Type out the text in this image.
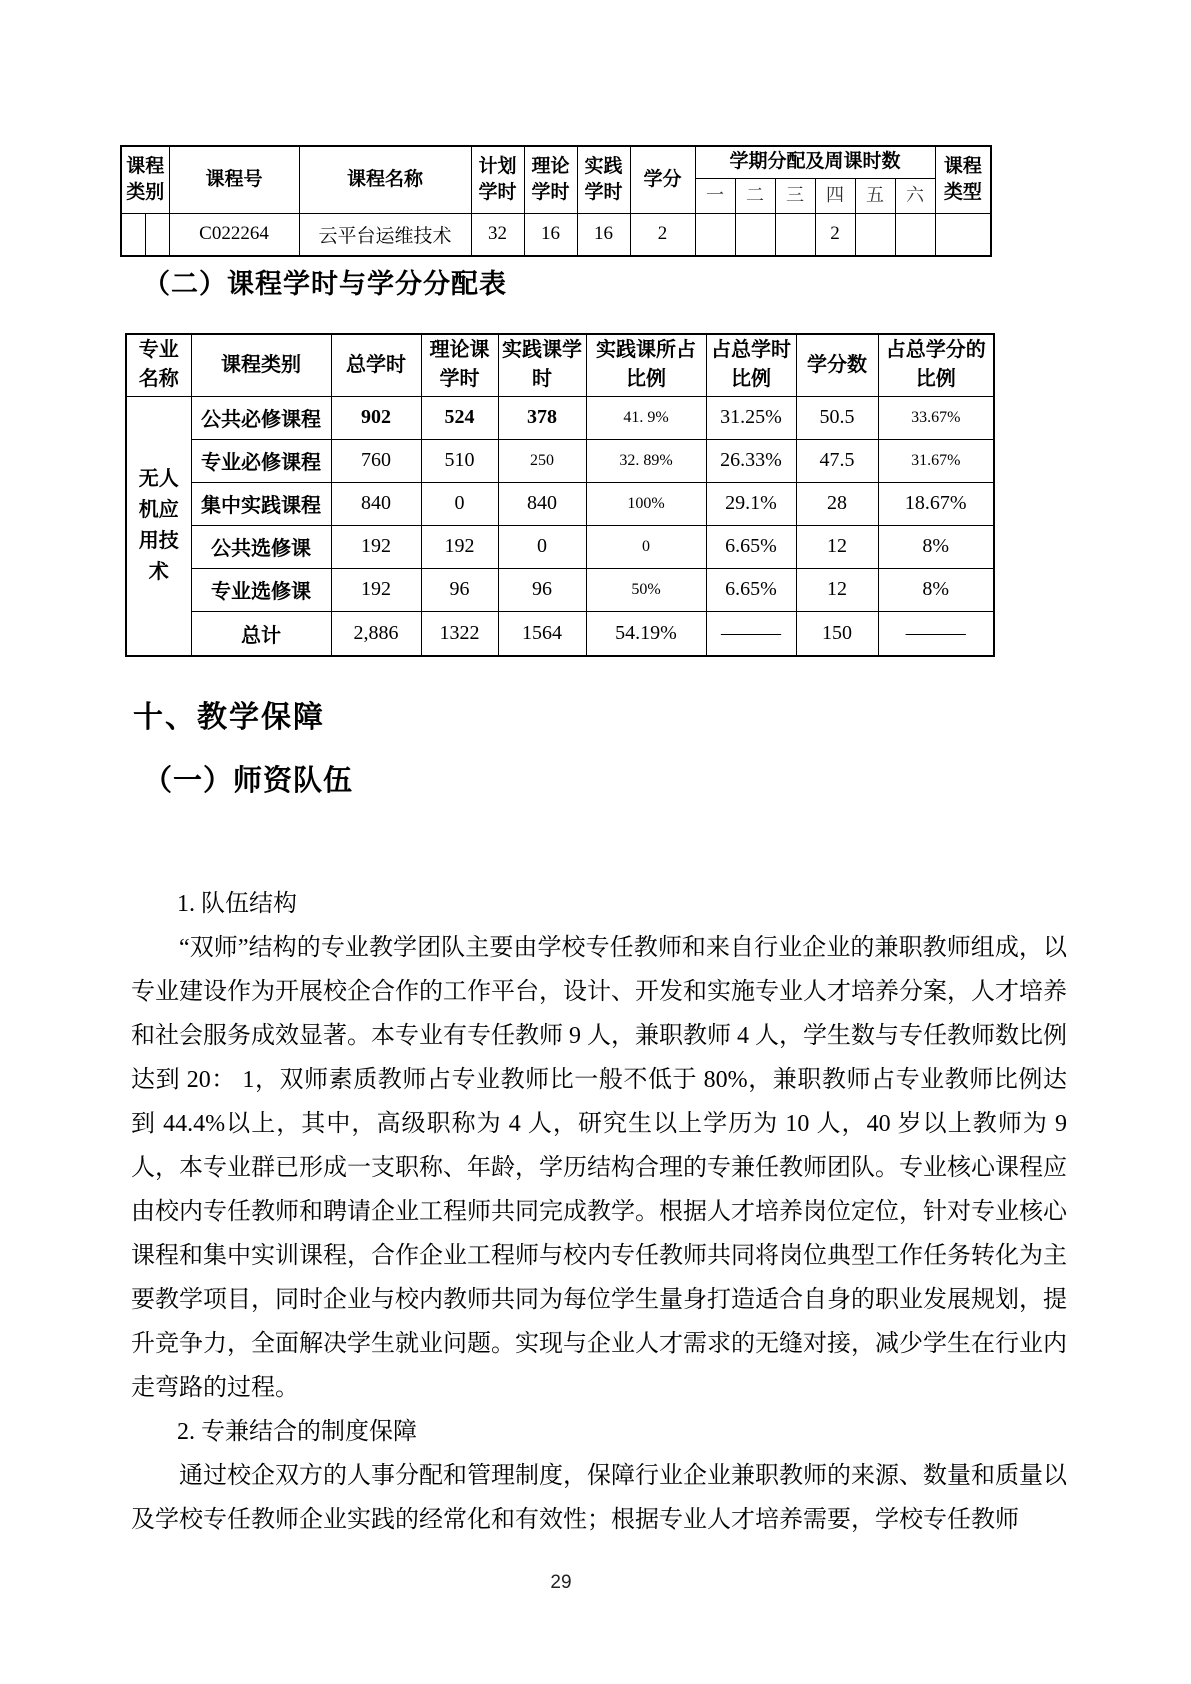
课程类别		课程号	课程名称	计划学时	理论学时	实践学时	学分	学期分配及周课时数						课程类型
								一	二	三	四	五	六	
		C022264	云平台运维技术	32	16	16	2				2			
（二）课程学时与学分分配表
专业名称	课程类别	总学时	理论课学时	实践课学时	实践课所占比例	占总学时比例	学分数	占总学分的比例
无人机应用技术	公共必修课程	902	524	378	41. 9%	31.25%	50.5	33.67%
	专业必修课程	760	510	250	32. 89%	26.33%	47.5	31.67%
	集中实践课程	840	0	840	100%	29.1%	28	18.67%
	公共选修课	192	192	0	0	6.65%	12	8%
	专业选修课	192	96	96	50%	6.65%	12	8%
	总计	2,886	1322	1564	54.19%	———	150	———
十、教学保障
（一）师资队伍

1. 队伍结构

“双师”结构的专业教学团队主要由学校专任教师和来自行业企业的兼职教师组成，以专业建设作为开展校企合作的工作平台，设计、开发和实施专业人才培养分案，人才培养和社会服务成效显著。本专业有专任教师 9 人，兼职教师 4 人，学生数与专任教师数比例达到 20： 1，双师素质教师占专业教师比一般不低于 80%，兼职教师占专业教师比例达到 44.4%以上，其中，高级职称为 4 人，研究生以上学历为 10 人，40 岁以上教师为 9 人，本专业群已形成一支职称、年龄，学历结构合理的专兼任教师团队。专业核心课程应由校内专任教师和聘请企业工程师共同完成教学。根据人才培养岗位定位，针对专业核心课程和集中实训课程，合作企业工程师与校内专任教师共同将岗位典型工作任务转化为主要教学项目，同时企业与校内教师共同为每位学生量身打造适合自身的职业发展规划，提升竞争力，全面解决学生就业问题。实现与企业人才需求的无缝对接，减少学生在行业内走弯路的过程。

2. 专兼结合的制度保障

通过校企双方的人事分配和管理制度，保障行业企业兼职教师的来源、数量和质量以及学校专任教师企业实践的经常化和有效性；根据专业人才培养需要，学校专任教师

29
